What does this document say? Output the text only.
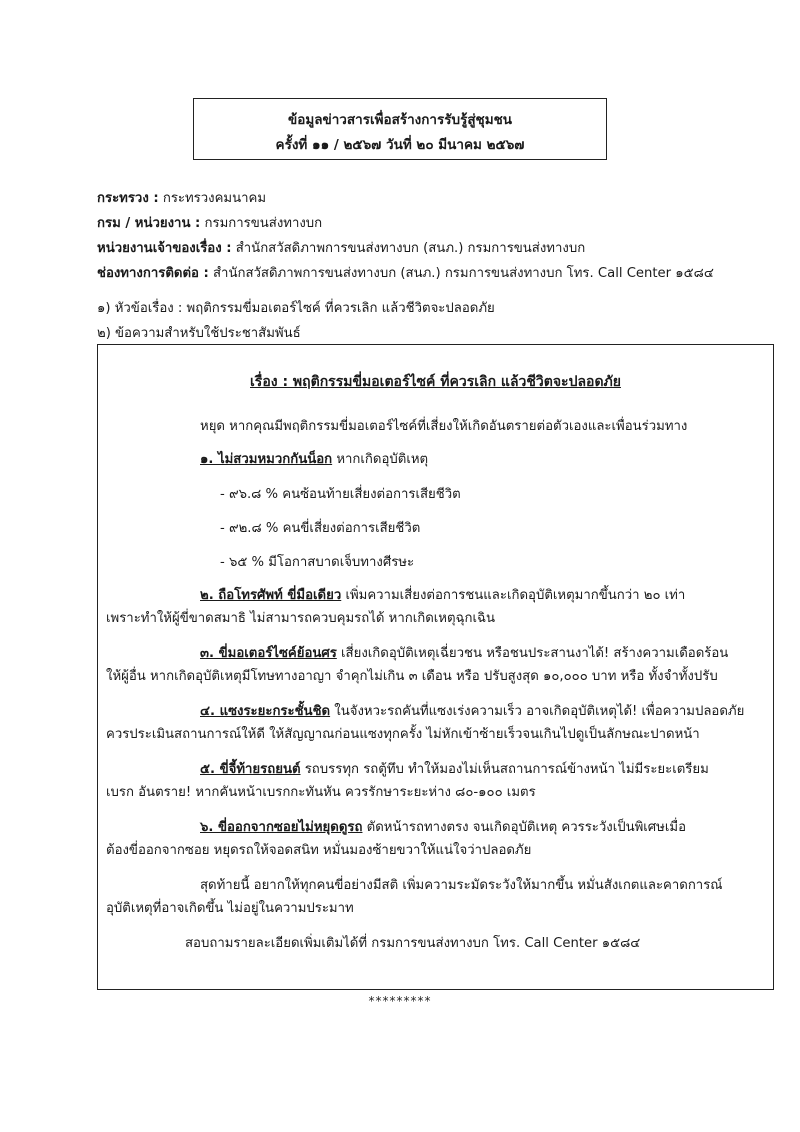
ข้อมูลข่าวสารเพื่อสร้างการรับรู้สู่ชุมชน
ครั้งที่ ๑๑ / ๒๕๖๗ วันที่ ๒๐ มีนาคม ๒๕๖๗
กระทรวง : กระทรวงคมนาคม
กรม / หน่วยงาน : กรมการขนส่งทางบก
หน่วยงานเจ้าของเรื่อง : สำนักสวัสดิภาพการขนส่งทางบก (สนภ.) กรมการขนส่งทางบก
ช่องทางการติดต่อ : สำนักสวัสดิภาพการขนส่งทางบก (สนภ.) กรมการขนส่งทางบก โทร. Call Center ๑๕๘๔
๑) หัวข้อเรื่อง : พฤติกรรมขี่มอเตอร์ไซค์ ที่ควรเลิก แล้วชีวิตจะปลอดภัย
๒) ข้อความสำหรับใช้ประชาสัมพันธ์
เรื่อง : พฤติกรรมขี่มอเตอร์ไซค์ ที่ควรเลิก แล้วชีวิตจะปลอดภัย
หยุด หากคุณมีพฤติกรรมขี่มอเตอร์ไซค์ที่เสี่ยงให้เกิดอันตรายต่อตัวเองและเพื่อนร่วมทาง
๑. ไม่สวมหมวกกันน็อก หากเกิดอุบัติเหตุ
- ๙๖.๘ % คนซ้อนท้ายเสี่ยงต่อการเสียชีวิต
- ๙๒.๘ % คนขี่เสี่ยงต่อการเสียชีวิต
- ๖๕ % มีโอกาสบาดเจ็บทางศีรษะ
๒. ถือโทรศัพท์ ขี่มือเดียว เพิ่มความเสี่ยงต่อการชนและเกิดอุบัติเหตุมากขึ้นกว่า ๒๐ เท่า
เพราะทำให้ผู้ขี่ขาดสมาธิ ไม่สามารถควบคุมรถได้ หากเกิดเหตุฉุกเฉิน
๓. ขี่มอเตอร์ไซค์ย้อนศร เสี่ยงเกิดอุบัติเหตุเฉี่ยวชน หรือชนประสานงาได้! สร้างความเดือดร้อน
ให้ผู้อื่น หากเกิดอุบัติเหตุมีโทษทางอาญา จำคุกไม่เกิน ๓ เดือน หรือ ปรับสูงสุด ๑๐,๐๐๐ บาท หรือ ทั้งจำทั้งปรับ
๔. แซงระยะกระชั้นชิด ในจังหวะรถคันที่แซงเร่งความเร็ว อาจเกิดอุบัติเหตุได้! เพื่อความปลอดภัย
ควรประเมินสถานการณ์ให้ดี ให้สัญญาณก่อนแซงทุกครั้ง ไม่หักเข้าซ้ายเร็วจนเกินไปดูเป็นลักษณะปาดหน้า
๕. ขี่จี้ท้ายรถยนต์ รถบรรทุก รถตู้ทึบ ทำให้มองไม่เห็นสถานการณ์ข้างหน้า ไม่มีระยะเตรียม
เบรก อันตราย! หากคันหน้าเบรกกะทันหัน ควรรักษาระยะห่าง ๘๐-๑๐๐ เมตร
๖. ขี่ออกจากซอยไม่หยุดดูรถ ตัดหน้ารถทางตรง จนเกิดอุบัติเหตุ ควรระวังเป็นพิเศษเมื่อ
ต้องขี่ออกจากซอย หยุดรถให้จอดสนิท หมั่นมองซ้ายขวาให้แน่ใจว่าปลอดภัย
สุดท้ายนี้ อยากให้ทุกคนขี่อย่างมีสติ เพิ่มความระมัดระวังให้มากขึ้น หมั่นสังเกตและคาดการณ์
อุบัติเหตุที่อาจเกิดขึ้น ไม่อยู่ในความประมาท
สอบถามรายละเอียดเพิ่มเติมได้ที่ กรมการขนส่งทางบก โทร. Call Center ๑๕๘๔
*********
